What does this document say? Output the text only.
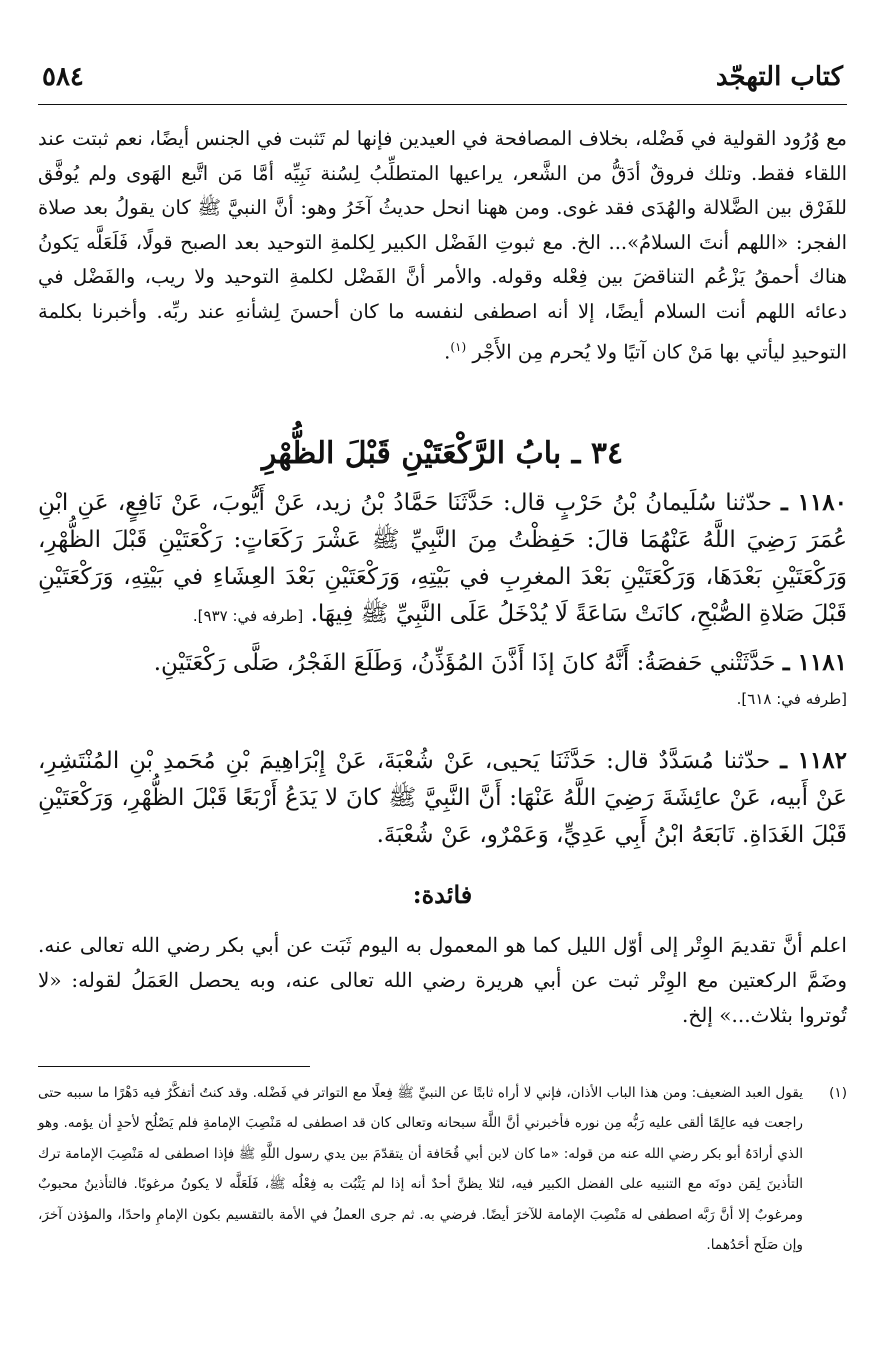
كتاب التهجّد
٥٨٤
مع وُرُود القولية في فَضْله، بخلاف المصافحة في العيدين فإنها لم تَثبت في الجنس أيضًا، نعم ثبتت عند اللقاء فقط. وتلك فروقٌ أدَقُّ من الشَّعر، يراعيها المتطلِّبُ لِسُنة نَبِيِّه أمَّا مَن اتَّبع الهَوى ولم يُوفَّق للفَرْق بين الضَّلالة والهُدَى فقد غوى. ومن ههنا انحل حديثُ آخَرُ وهو: أنَّ النبيَّ ﷺ كان يقولُ بعد صلاة الفجر: «اللهم أنتَ السلامُ»... الخ. مع ثبوتِ الفَضْل الكبير لِكلمةِ التوحيد بعد الصبح قولًا، فَلَعَلَّه يَكونُ هناك أحمقُ يَزْعُم التناقضَ بين فِعْله وقوله. والأمر أنَّ الفَضْل لكلمةِ التوحيد ولا ريب، والفَضْل في دعائه اللهم أنت السلام أيضًا، إلا أنه اصطفى لنفسه ما كان أحسنَ لِشأنهِ عند ربِّه. وأخبرنا بكلمة التوحيدِ ليأتي بها مَنْ كان آتيًا ولا يُحرم مِن الأَجْر $^{(١)}$.
٣٤ ـ بابُ الرَّكْعَتَيْنِ قَبْلَ الظُّهْرِ
١١٨٠ ـ حدّثنا سُلَيمانُ بْنُ حَرْبٍ قال: حَدَّثَنَا حَمَّادُ بْنُ زيد، عَنْ أَيُّوبَ، عَنْ نَافِعٍ، عَنِ ابْنِ عُمَرَ رَضِيَ اللَّهُ عَنْهُمَا قالَ: حَفِظْتُ مِنَ النَّبِيِّ ﷺ عَشْرَ رَكَعَاتٍ: رَكْعَتَيْنِ قَبْلَ الظُّهْرِ، وَرَكْعَتَيْنِ بَعْدَهَا، وَرَكْعَتَيْنِ بَعْدَ المغرِبِ في بَيْتِهِ، وَرَكْعَتَيْنِ بَعْدَ العِشَاءِ في بَيْتِهِ، وَرَكْعَتَيْنِ قَبْلَ صَلاةِ الصُّبْحِ، كانَتْ سَاعَةً لَا يُدْخَلُ عَلَى النَّبِيِّ ﷺ فِيهَا. [طرفه في: ٩٣٧].
١١٨١ ـ حَدَّثَتْني حَفصَةُ: أَنَّهُ كانَ إذَا أَذَّنَ المُؤَذِّنُ، وَطَلَعَ الفَجْرُ، صَلَّى رَكْعَتَيْنِ.
[طرفه في: ٦١٨].
١١٨٢ ـ حدّثنا مُسَدَّدٌ قال: حَدَّثَنَا يَحيى، عَنْ شُعْبَةَ، عَنْ إِبْرَاهِيمَ بْنِ مُحَمدِ بْنِ المُنْتَشِرِ، عَنْ أَبيه، عَنْ عائِشَةَ رَضِيَ اللَّهُ عَنْهَا: أَنَّ النَّبِيَّ ﷺ كانَ لا يَدَعُ أَرْبَعًا قَبْلَ الظُّهْرِ، وَرَكْعَتَيْنِ قَبْلَ الغَدَاةِ. تَابَعَهُ ابْنُ أَبِي عَدِيٍّ، وَعَمْرٌو، عَنْ شُعْبَةَ.
فائدة:
اعلم أنَّ تقديمَ الوِتْر إلى أوّل الليل كما هو المعمول به اليوم ثَبَت عن أبي بكر رضي الله تعالى عنه. وضَمَّ الركعتين مع الوِتْر ثبت عن أبي هريرة رضي الله تعالى عنه، وبه يحصل العَمَلُ لقوله: «لا تُوتروا بثلاث...» إلخ.
(١)
يقول العبد الضعيف: ومن هذا الباب الأذان، فإني لا أراه ثابتًا عن النبيِّ ﷺ فِعلًا مع التواتر في فَضْله. وقد كنتُ أتفكَّرُ فيه دَهْرًا ما سببه حتى راجعت فيه عالِمًا ألقى عليه رَبُّه مِن نوره فأخبرني أنَّ اللَّهَ سبحانه وتعالى كان قد اصطفى له مَنْصِبَ الإمامةِ فلم يَصْلُح لأحدٍ أن يؤمه. وهو الذي أرادَهُ أبو بكر رضي الله عنه من قوله: «ما كان لابن أبي قُحَافة أن يتقدّمَ بين يدي رسول اللَّهِ ﷺ فإذا اصطفى له مَنْصِبَ الإمامة ترك التأذينَ لِمَن دونَه مع التنبيه على الفضل الكبير فيه، لئلا يظنَّ أحدٌ أنه إذا لم يَثْبُت به فِعْلُه ﷺ، فَلَعَلَّه لا يكونُ مرغوبًا. فالتأذينُ محبوبٌ ومرغوبٌ إلا أنَّ رَبَّه اصطفى له مَنْصِبَ الإمامة للآخرَ أيضًا. فرضي به. ثم جرى العملُ في الأمة بالتقسيم بكون الإمامِ واحدًا، والمؤذن آخرَ، وإن صَلَح أحَدُهما.
